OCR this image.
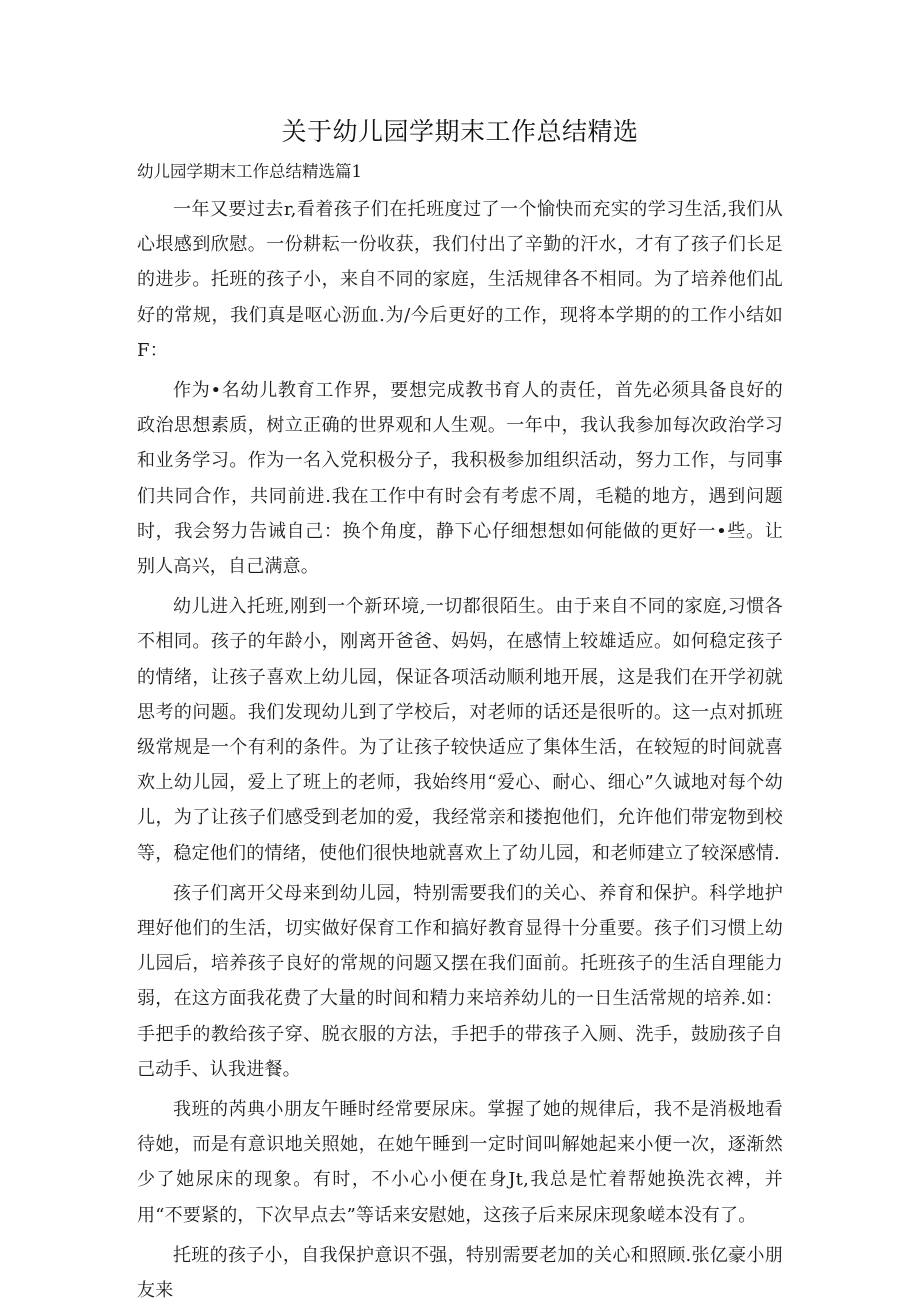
关于幼儿园学期末工作总结精选

幼儿园学期末工作总结精选篇1

一年又要过去r,看着孩子们在托班度过了一个愉快而充实的学习生活,我们从心垠感到欣慰。一份耕耘一份收获，我们付出了辛勤的汗水，才有了孩子们长足的进步。托班的孩子小，来自不同的家庭，生活规律各不相同。为了培养他们乩好的常规，我们真是呕心沥血.为/今后更好的工作，现将本学期的的工作小结如F：

作为•名幼儿教育工作界，要想完成教书育人的责任，首先必须具备良好的政治思想素质，树立正确的世界观和人生观。一年中，我认我参加每次政治学习和业务学习。作为一名入党积极分子，我积极参加组织活动，努力工作，与同事们共同合作，共同前进.我在工作中有时会有考虑不周，毛糙的地方，遇到问题时，我会努力告诫自己：换个角度，静下心仔细想想如何能做的更好一•些。让别人高兴，自己满意。

幼儿进入托班,刚到一个新环境,一切都很陌生。由于来自不同的家庭,习惯各不相同。孩子的年龄小，刚离开爸爸、妈妈，在感情上较雄适应。如何稳定孩子的情绪，让孩子喜欢上幼儿园，保证各项活动顺利地开展，这是我们在开学初就思考的问题。我们发现幼儿到了学校后，对老师的话还是很听的。这一点对抓班级常规是一个有利的条件。为了让孩子较快适应了集体生活，在较短的时间就喜欢上幼儿园，爱上了班上的老师，我始终用“爱心、耐心、细心”久诚地对每个幼儿，为了让孩子们感受到老加的爱，我经常亲和搂抱他们，允许他们带宠物到校等，稳定他们的情绪，使他们很快地就喜欢上了幼儿园，和老师建立了较深感情.

孩子们离开父母来到幼儿园，特别需要我们的关心、养育和保护。科学地护理好他们的生活，切实做好保育工作和搞好教育显得十分重要。孩子们习惯上幼儿园后，培养孩子良好的常规的问题又摆在我们面前。托班孩子的生活自理能力弱，在这方面我花费了大量的时间和精力来培养幼儿的一日生活常规的培养.如：手把手的教给孩子穿、脱衣服的方法，手把手的带孩子入厕、洗手，鼓励孩子自己动手、认我进餐。

我班的芮典小朋友午睡时经常要尿床。掌握了她的规律后，我不是消极地看待她，而是有意识地关照她，在她午睡到一定时间叫解她起来小便一次，逐渐然少了她尿床的现象。有时，不小心小便在身Jt,我总是忙着帮她换洗衣裨，并用“不要紧的，下次早点去”等话来安慰她，这孩子后来尿床现象嵯本没有了。

托班的孩子小，自我保护意识不强，特别需要老加的关心和照顾.张亿豪小朋友来
